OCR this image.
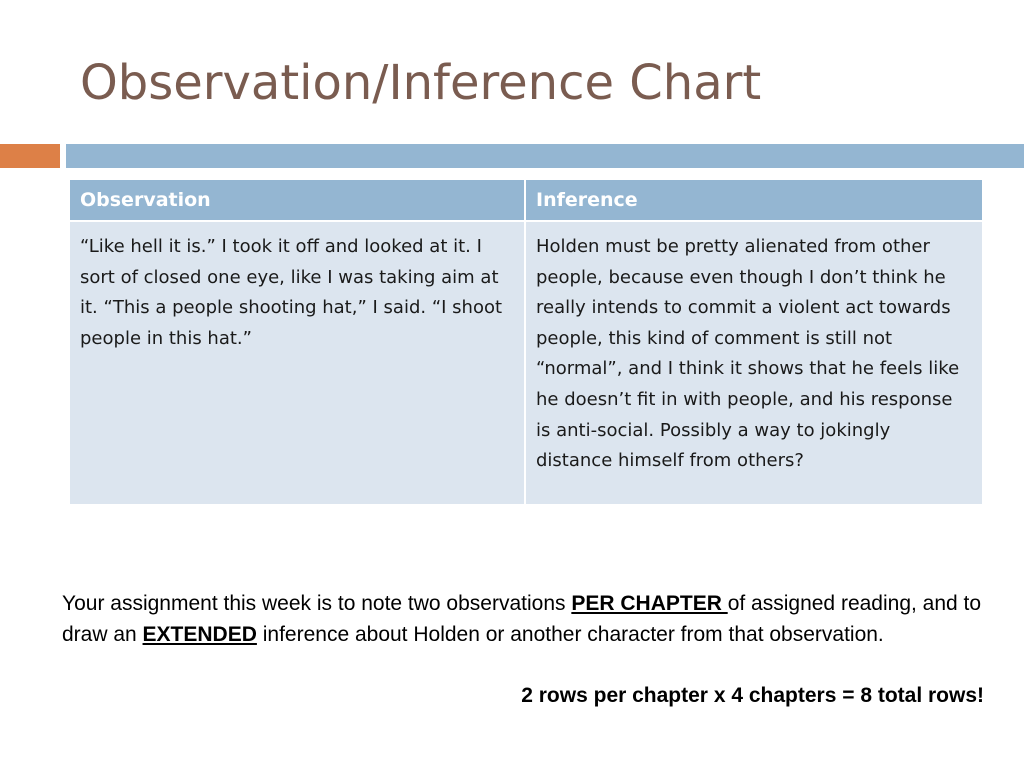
Observation/Inference Chart
Observation	Inference
“Like hell it is.” I took it off and looked at it. I sort of closed one eye, like I was taking aim at it. “This a people shooting hat,” I said. “I shoot people in this hat.”	Holden must be pretty alienated from other people, because even though I don’t think he really intends to commit a violent act towards people, this kind of comment is still not “normal”, and I think it shows that he feels like he doesn’t fit in with people, and his response is anti-social. Possibly a way to jokingly distance himself from others?

Your assignment this week is to note two observations PER CHAPTER of assigned reading, and to draw an EXTENDED inference about Holden or another character from that observation.

2 rows per chapter x 4 chapters = 8 total rows!
